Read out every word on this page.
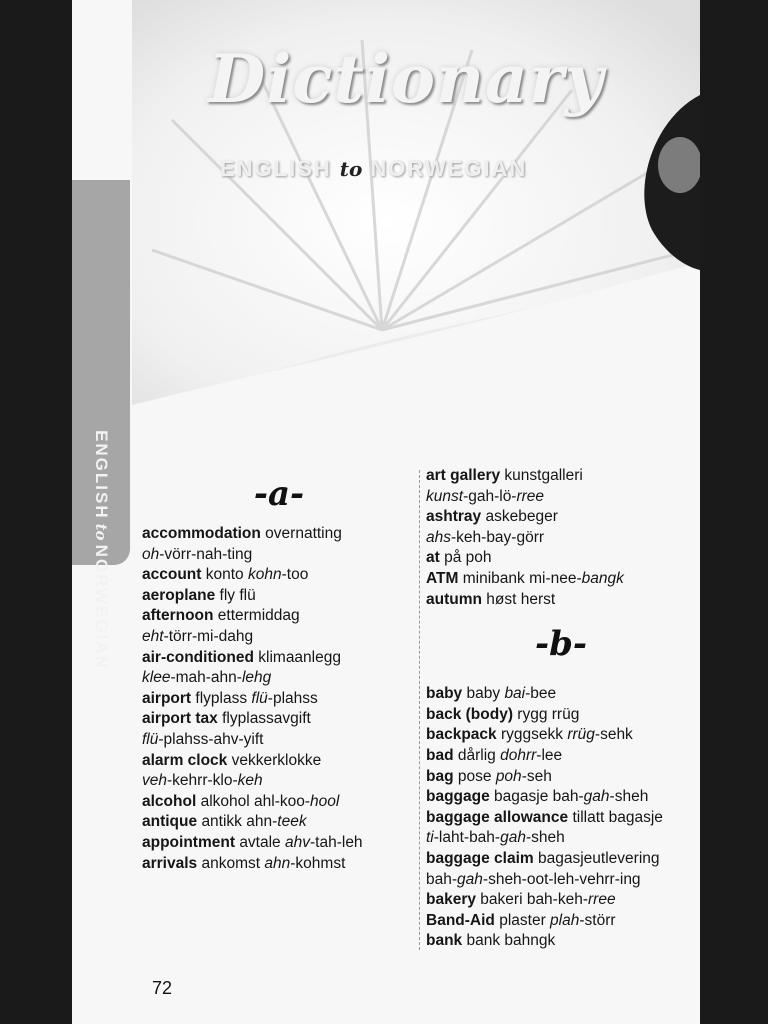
Dictionary
ENGLISH to NORWEGIAN
ENGLISHtoNORWEGIAN
-a-
accommodation overnatting
oh-vörr-nah-ting
account konto kohn-too
aeroplane fly flü
afternoon ettermiddag
eht-törr-mi-dahg
air-conditioned klimaanlegg
klee-mah-ahn-lehg
airport flyplass flü-plahss
airport tax flyplassavgift
flü-plahss-ahv-yift
alarm clock vekkerklokke
veh-kehrr-klo-keh
alcohol alkohol ahl-koo-hool
antique antikk ahn-teek
appointment avtale ahv-tah-leh
arrivals ankomst ahn-kohmst
art gallery kunstgalleri
kunst-gah-lö-rree
ashtray askebeger
ahs-keh-bay-görr
at på poh
ATM minibank mi-nee-bangk
autumn høst herst
-b-
baby baby bai-bee
back (body) rygg rrüg
backpack ryggsekk rrüg-sehk
bad dårlig dohrr-lee
bag pose poh-seh
baggage bagasje bah-gah-sheh
baggage allowance tillatt bagasje
ti-laht-bah-gah-sheh
baggage claim bagasjeutlevering
bah-gah-sheh-oot-leh-vehrr-ing
bakery bakeri bah-keh-rree
Band-Aid plaster plah-störr
bank bank bahngk
72
